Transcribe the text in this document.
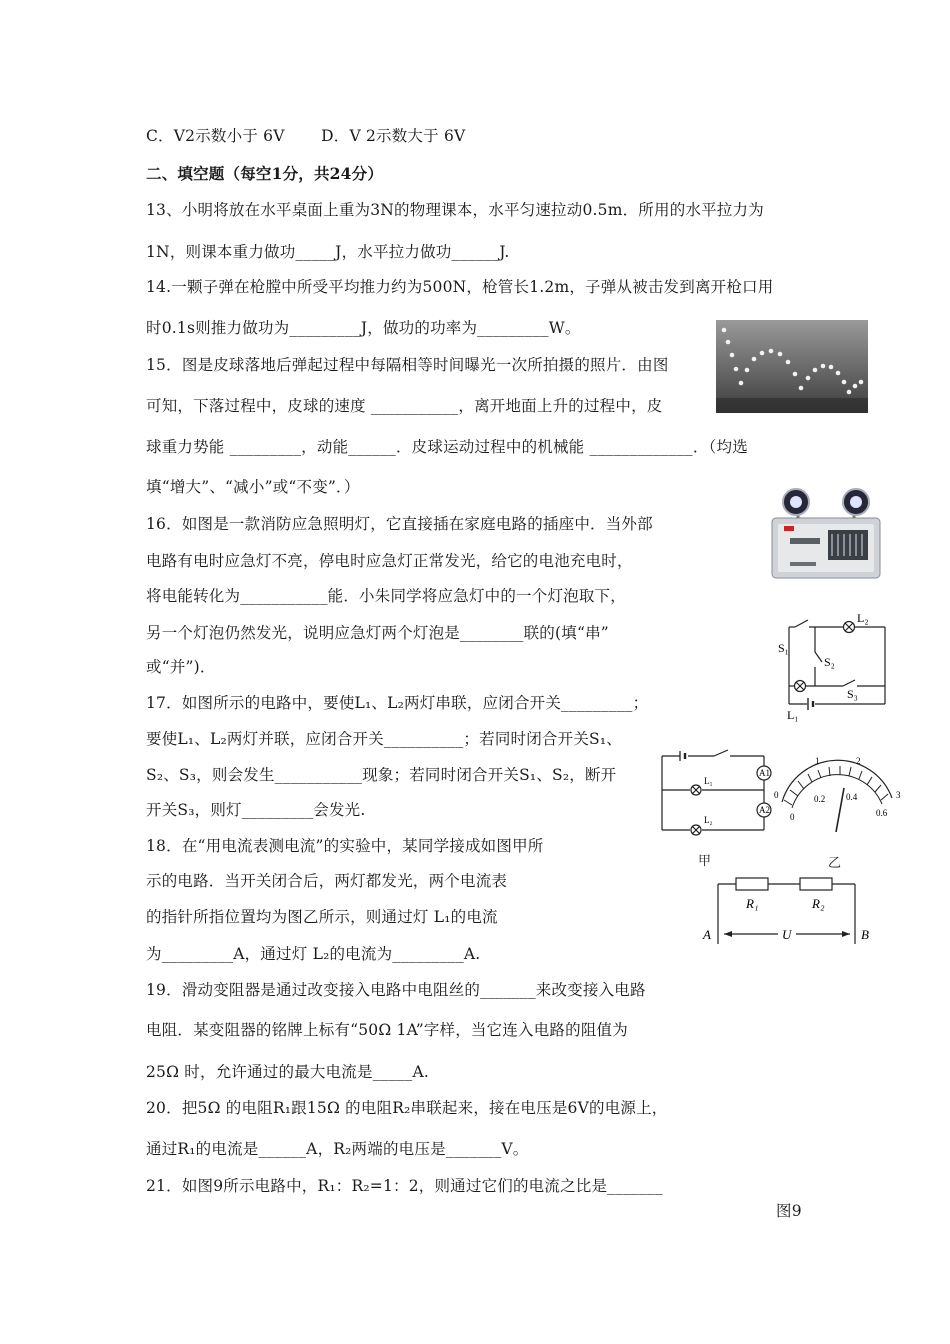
C．V2示数小于 6V　　 D．V 2示数大于 6V
二、填空题（每空1分，共24分）
13、小明将放在水平桌面上重为3N的物理课本，水平匀速拉动0.5m．所用的水平拉力为
1N，则课本重力做功_____J，水平拉力做功______J.
14.一颗子弹在枪膛中所受平均推力约为500N，枪管长1.2m，子弹从被击发到离开枪口用
时0.1s则推力做功为_________J，做功的功率为_________W。
15．图是皮球落地后弹起过程中每隔相等时间曝光一次所拍摄的照片．由图
可知，下落过程中，皮球的速度 ___________，离开地面上升的过程中，皮
球重力势能 _________，动能______．皮球运动过程中的机械能 _____________．（均选
填“增大”、“减小”或“不变”．）
16．如图是一款消防应急照明灯，它直接插在家庭电路的插座中．当外部
电路有电时应急灯不亮，停电时应急灯正常发光，给它的电池充电时，
将电能转化为___________能．小朱同学将应急灯中的一个灯泡取下，
另一个灯泡仍然发光，说明应急灯两个灯泡是________联的(填“串”
或“并”)．
17．如图所示的电路中，要使L₁、L₂两灯串联，应闭合开关_________；
要使L₁、L₂两灯并联，应闭合开关__________；若同时闭合开关S₁、
S₂、S₃，则会发生___________现象；若同时闭合开关S₁、S₂，断开
开关S₃，则灯_________会发光.
18．在“用电流表测电流”的实验中，某同学接成如图甲所
示的电路．当开关闭合后，两灯都发光，两个电流表
的指针所指位置均为图乙所示，则通过灯 L₁的电流
为_________A，通过灯 L₂的电流为_________A.
19．滑动变阻器是通过改变接入电路中电阻丝的_______来改变接入电路
电阻．某变阻器的铭牌上标有“50Ω 1A”字样，当它连入电路的阻值为
25Ω 时，允许通过的最大电流是_____A.
20．把5Ω 的电阻R₁跟15Ω 的电阻R₂串联起来，接在电压是6V的电源上，
通过R₁的电流是______A，R₂两端的电压是_______V。
21．如图9所示电路中，R₁：R₂=1：2，则通过它们的电流之比是_______
S₁
S₂
S₃
L₂
L₁
A1
A2
L₁
L₂
0
1	2
3
0
0.2 0.4
0.6
甲	乙
R₁	R₂
A	U	B
图9
